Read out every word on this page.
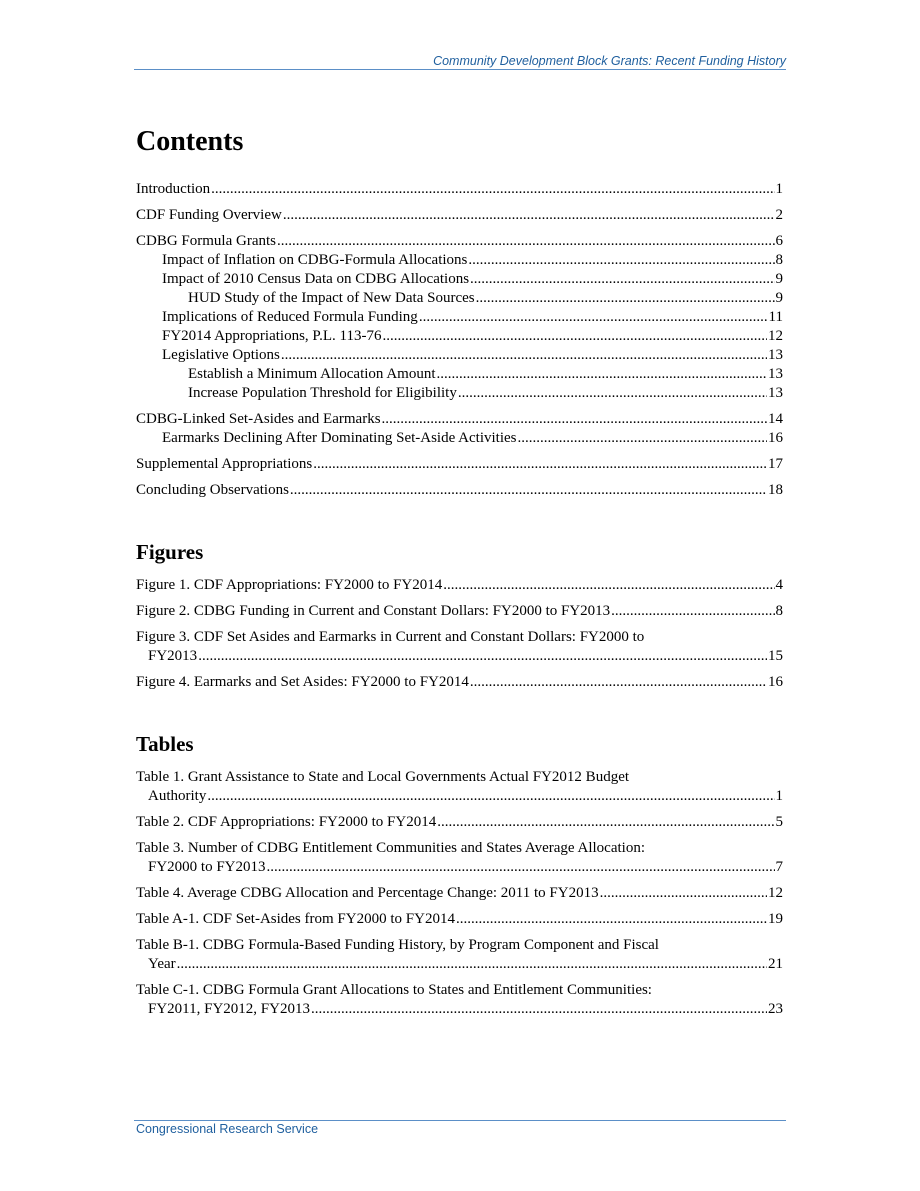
Community Development Block Grants: Recent Funding History
Contents
Introduction .....	1
CDF Funding Overview .....	2
CDBG Formula Grants .....	6
Impact of Inflation on CDBG-Formula Allocations .....	8
Impact of 2010 Census Data on CDBG Allocations .....	9
HUD Study of the Impact of New Data Sources .....	9
Implications of Reduced Formula Funding .....	11
FY2014 Appropriations, P.L. 113-76 .....	12
Legislative Options .....	13
Establish a Minimum Allocation Amount .....	13
Increase Population Threshold for Eligibility .....	13
CDBG-Linked Set-Asides and Earmarks .....	14
Earmarks Declining After Dominating Set-Aside Activities .....	16
Supplemental Appropriations .....	17
Concluding Observations .....	18
Figures
Figure 1. CDF Appropriations: FY2000 to FY2014 .....	4
Figure 2. CDBG Funding in Current and Constant Dollars: FY2000 to FY2013 .....	8
Figure 3. CDF Set Asides and Earmarks in Current and Constant Dollars: FY2000 to
FY2013 .....	15
Figure 4. Earmarks and Set Asides: FY2000 to FY2014 .....	16
Tables
Table 1. Grant Assistance to State and Local Governments Actual FY2012 Budget
Authority .....	1
Table 2. CDF Appropriations: FY2000 to FY2014 .....	5
Table 3. Number of CDBG Entitlement Communities and States Average Allocation:
FY2000 to FY2013 .....	7
Table 4. Average CDBG Allocation and Percentage Change: 2011 to FY2013 .....	12
Table A-1. CDF Set-Asides from FY2000 to FY2014 .....	19
Table B-1. CDBG Formula-Based Funding History, by Program Component and Fiscal
Year .....	21
Table C-1. CDBG Formula Grant Allocations to States and Entitlement Communities:
FY2011, FY2012, FY2013 .....	23
Congressional Research Service
